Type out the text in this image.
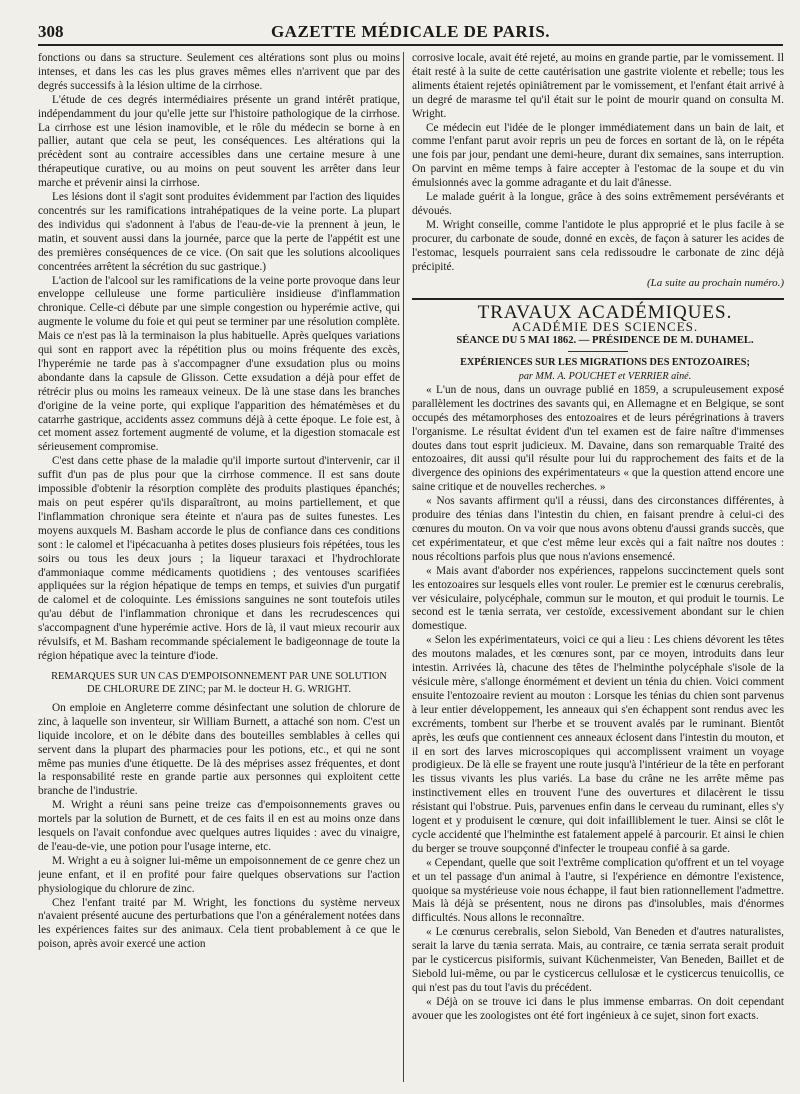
308	GAZETTE MÉDICALE DE PARIS.

fonctions ou dans sa structure. Seulement ces altérations sont plus ou moins intenses, et dans les cas les plus graves mêmes elles n'arrivent que par des degrés successifs à la lésion ultime de la cirrhose.

L'étude de ces degrés intermédiaires présente un grand intérêt pratique, indépendamment du jour qu'elle jette sur l'histoire pathologique de la cirrhose. La cirrhose est une lésion inamovible, et le rôle du médecin se borne à en pallier, autant que cela se peut, les conséquences. Les altérations qui la précèdent sont au contraire accessibles dans une certaine mesure à une thérapeutique curative, ou au moins on peut souvent les arrêter dans leur marche et prévenir ainsi la cirrhose.

Les lésions dont il s'agit sont produites évidemment par l'action des liquides concentrés sur les ramifications intrahépatiques de la veine porte. La plupart des individus qui s'adonnent à l'abus de l'eau-de-vie la prennent à jeun, le matin, et souvent aussi dans la journée, parce que la perte de l'appétit est une des premières conséquences de ce vice. (On sait que les solutions alcooliques concentrées arrêtent la sécrétion du suc gastrique.)

L'action de l'alcool sur les ramifications de la veine porte provoque dans leur enveloppe celluleuse une forme particulière insidieuse d'inflammation chronique. Celle-ci débute par une simple congestion ou hyperémie active, qui augmente le volume du foie et qui peut se terminer par une résolution complète. Mais ce n'est pas là la terminaison la plus habituelle. Après quelques variations qui sont en rapport avec la répétition plus ou moins fréquente des excès, l'hyperémie ne tarde pas à s'accompagner d'une exsudation plus ou moins abondante dans la capsule de Glisson. Cette exsudation a déjà pour effet de rétrécir plus ou moins les rameaux veineux. De là une stase dans les branches d'origine de la veine porte, qui explique l'apparition des hématémèses et du catarrhe gastrique, accidents assez communs déjà à cette époque. Le foie est, à cet moment assez fortement augmenté de volume, et la digestion stomacale est sérieusement compromise.

C'est dans cette phase de la maladie qu'il importe surtout d'intervenir, car il suffit d'un pas de plus pour que la cirrhose commence. Il est sans doute impossible d'obtenir la résorption complète des produits plastiques épanchés; mais on peut espérer qu'ils disparaîtront, au moins partiellement, et que l'inflammation chronique sera éteinte et n'aura pas de suites funestes. Les moyens auxquels M. Basham accorde le plus de confiance dans ces conditions sont : le calomel et l'ipécacuanha à petites doses plusieurs fois répétées, tous les soirs ou tous les deux jours ; la liqueur taraxaci et l'hydrochlorate d'ammoniaque comme médicaments quotidiens ; des ventouses scarifiées appliquées sur la région hépatique de temps en temps, et suivies d'un purgatif de calomel et de coloquinte. Les émissions sanguines ne sont toutefois utiles qu'au début de l'inflammation chronique et dans les recrudescences qui s'accompagnent d'une hyperémie active. Hors de là, il vaut mieux recourir aux révulsifs, et M. Basham recommande spécialement le badigeonnage de toute la région hépatique avec la teinture d'iode.

REMARQUES SUR UN CAS D'EMPOISONNEMENT PAR UNE SOLUTION
DE CHLORURE DE ZINC; par M. le docteur H. G. WRIGHT.

On emploie en Angleterre comme désinfectant une solution de chlorure de zinc, à laquelle son inventeur, sir William Burnett, a attaché son nom. C'est un liquide incolore, et on le débite dans des bouteilles semblables à celles qui servent dans la plupart des pharmacies pour les potions, etc., et qui ne sont même pas munies d'une étiquette. De là des méprises assez fréquentes, et dont la responsabilité reste en grande partie aux personnes qui exploitent cette branche de l'industrie.

M. Wright a réuni sans peine treize cas d'empoisonnements graves ou mortels par la solution de Burnett, et de ces faits il en est au moins onze dans lesquels on l'avait confondue avec quelques autres liquides : avec du vinaigre, de l'eau-de-vie, une potion pour l'usage interne, etc.

M. Wright a eu à soigner lui-même un empoisonnement de ce genre chez un jeune enfant, et il en profité pour faire quelques observations sur l'action physiologique du chlorure de zinc.

Chez l'enfant traité par M. Wright, les fonctions du système nerveux n'avaient présenté aucune des perturbations que l'on a généralement notées dans les expériences faites sur des animaux. Cela tient probablement à ce que le poison, après avoir exercé une action

corrosive locale, avait été rejeté, au moins en grande partie, par le vomissement. Il était resté à la suite de cette cautérisation une gastrite violente et rebelle; tous les aliments étaient rejetés opiniâtrement par le vomissement, et l'enfant était arrivé à un degré de marasme tel qu'il était sur le point de mourir quand on consulta M. Wright.

Ce médecin eut l'idée de le plonger immédiatement dans un bain de lait, et comme l'enfant parut avoir repris un peu de forces en sortant de là, on le répéta une fois par jour, pendant une demi-heure, durant dix semaines, sans interruption. On parvint en même temps à faire accepter à l'estomac de la soupe et du vin émulsionnés avec la gomme adragante et du lait d'ânesse.

Le malade guérit à la longue, grâce à des soins extrêmement persévérants et dévoués.

M. Wright conseille, comme l'antidote le plus approprié et le plus facile à se procurer, du carbonate de soude, donné en excès, de façon à saturer les acides de l'estomac, lesquels pourraient sans cela redissoudre le carbonate de zinc déjà précipité.

(La suite au prochain numéro.)

TRAVAUX ACADÉMIQUES.

ACADÉMIE DES SCIENCES.

SÉANCE DU 5 MAI 1862. — PRÉSIDENCE DE M. DUHAMEL.

EXPÉRIENCES SUR LES MIGRATIONS DES ENTOZOAIRES;

par MM. A. POUCHET et VERRIER aîné.

« L'un de nous, dans un ouvrage publié en 1859, a scrupuleusement exposé parallèlement les doctrines des savants qui, en Allemagne et en Belgique, se sont occupés des métamorphoses des entozoaires et de leurs pérégrinations à travers l'organisme. Le résultat évident d'un tel examen est de faire naître d'immenses doutes dans tout esprit judicieux. M. Davaine, dans son remarquable Traité des entozoaires, dit aussi qu'il résulte pour lui du rapprochement des faits et de la divergence des opinions des expérimentateurs « que la question attend encore une saine critique et de nouvelles recherches. »

« Nos savants affirment qu'il a réussi, dans des circonstances différentes, à produire des ténias dans l'intestin du chien, en faisant prendre à celui-ci des cœnures du mouton. On va voir que nous avons obtenu d'aussi grands succès, que cet expérimentateur, et que c'est même leur excès qui a fait naître nos doutes : nous récoltions parfois plus que nous n'avions ensemencé.

« Mais avant d'aborder nos expériences, rappelons succinctement quels sont les entozoaires sur lesquels elles vont rouler. Le premier est le cœnurus cerebralis, ver vésiculaire, polycéphale, commun sur le mouton, et qui produit le tournis. Le second est le tænia serrata, ver cestoïde, excessivement abondant sur le chien domestique.

« Selon les expérimentateurs, voici ce qui a lieu : Les chiens dévorent les têtes des moutons malades, et les cœnures sont, par ce moyen, introduits dans leur intestin. Arrivées là, chacune des têtes de l'helminthe polycéphale s'isole de la vésicule mère, s'allonge énormément et devient un ténia du chien. Voici comment ensuite l'entozoaire revient au mouton : Lorsque les ténias du chien sont parvenus à leur entier développement, les anneaux qui s'en échappent sont rendus avec les excréments, tombent sur l'herbe et se trouvent avalés par le ruminant. Bientôt après, les œufs que contiennent ces anneaux éclosent dans l'intestin du mouton, et il en sort des larves microscopiques qui accomplissent vraiment un voyage prodigieux. De là elle se frayent une route jusqu'à l'intérieur de la tête en perforant les tissus vivants les plus variés. La base du crâne ne les arrête même pas instinctivement elles en trouvent l'une des ouvertures et dilacèrent le tissu résistant qui l'obstrue. Puis, parvenues enfin dans le cerveau du ruminant, elles s'y logent et y produisent le cœnure, qui doit infailliblement le tuer. Ainsi se clôt le cycle accidenté que l'helminthe est fatalement appelé à parcourir. Et ainsi le chien du berger se trouve soupçonné d'infecter le troupeau confié à sa garde.

« Cependant, quelle que soit l'extrême complication qu'offrent et un tel voyage et un tel passage d'un animal à l'autre, si l'expérience en démontre l'existence, quoique sa mystérieuse voie nous échappe, il faut bien rationnellement l'admettre. Mais là déjà se présentent, nous ne dirons pas d'insolubles, mais d'énormes difficultés. Nous allons le reconnaître.

« Le cœnurus cerebralis, selon Siebold, Van Beneden et d'autres naturalistes, serait la larve du tænia serrata. Mais, au contraire, ce tænia serrata serait produit par le cysticercus pisiformis, suivant Küchenmeister, Van Beneden, Baillet et de Siebold lui-même, ou par le cysticercus cellulosæ et le cysticercus tenuicollis, ce qui n'est pas du tout l'avis du précédent.

« Déjà on se trouve ici dans le plus immense embarras. On doit cependant avouer que les zoologistes ont été fort ingénieux à ce sujet, sinon fort exacts.
